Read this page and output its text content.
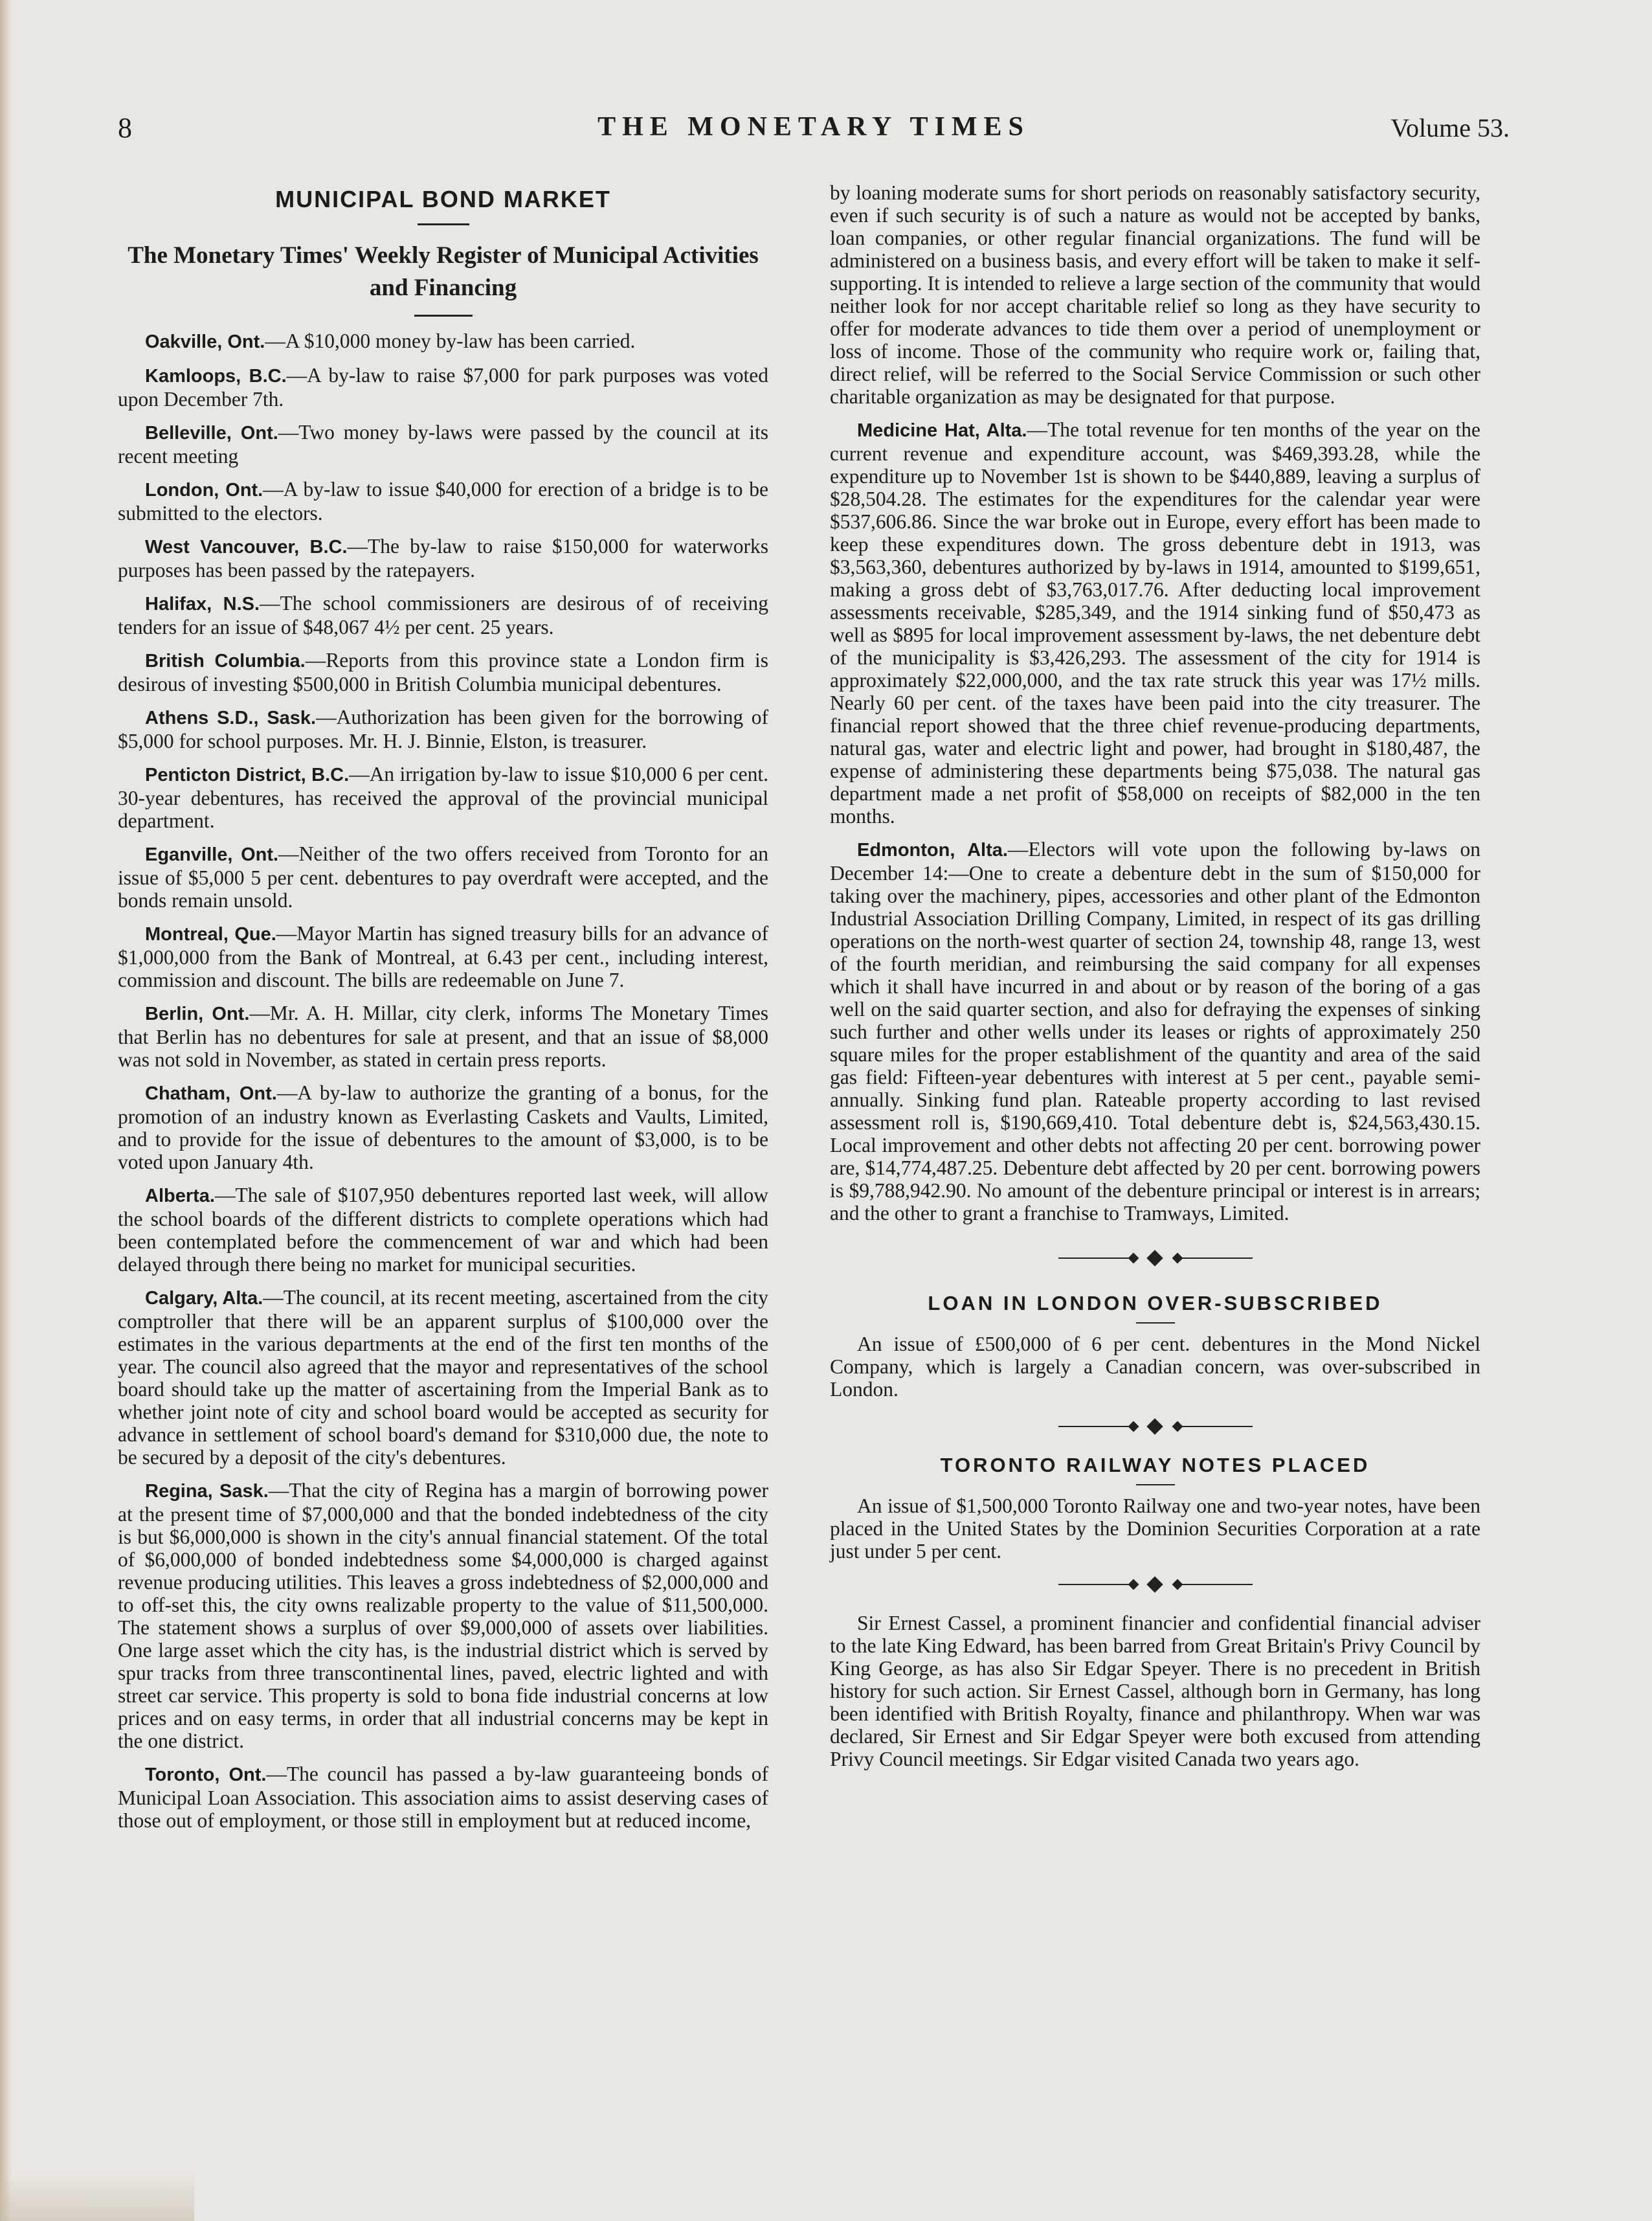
8	THE MONETARY TIMES	Volume 53.
MUNICIPAL BOND MARKET
The Monetary Times' Weekly Register of Municipal Activities and Financing

Oakville, Ont.—A $10,000 money by-law has been carried.

Kamloops, B.C.—A by-law to raise $7,000 for park purposes was voted upon December 7th.

Belleville, Ont.—Two money by-laws were passed by the council at its recent meeting

London, Ont.—A by-law to issue $40,000 for erection of a bridge is to be submitted to the electors.

West Vancouver, B.C.—The by-law to raise $150,000 for waterworks purposes has been passed by the ratepayers.

Halifax, N.S.—The school commissioners are desirous of of receiving tenders for an issue of $48,067 4½ per cent. 25 years.

British Columbia.—Reports from this province state a London firm is desirous of investing $500,000 in British Columbia municipal debentures.

Athens S.D., Sask.—Authorization has been given for the borrowing of $5,000 for school purposes. Mr. H. J. Binnie, Elston, is treasurer.

Penticton District, B.C.—An irrigation by-law to issue $10,000 6 per cent. 30-year debentures, has received the approval of the provincial municipal department.

Eganville, Ont.—Neither of the two offers received from Toronto for an issue of $5,000 5 per cent. debentures to pay overdraft were accepted, and the bonds remain unsold.

Montreal, Que.—Mayor Martin has signed treasury bills for an advance of $1,000,000 from the Bank of Montreal, at 6.43 per cent., including interest, commission and discount. The bills are redeemable on June 7.

Berlin, Ont.—Mr. A. H. Millar, city clerk, informs The Monetary Times that Berlin has no debentures for sale at present, and that an issue of $8,000 was not sold in November, as stated in certain press reports.

Chatham, Ont.—A by-law to authorize the granting of a bonus, for the promotion of an industry known as Everlasting Caskets and Vaults, Limited, and to provide for the issue of debentures to the amount of $3,000, is to be voted upon January 4th.

Alberta.—The sale of $107,950 debentures reported last week, will allow the school boards of the different districts to complete operations which had been contemplated before the commencement of war and which had been delayed through there being no market for municipal securities.

Calgary, Alta.—The council, at its recent meeting, ascertained from the city comptroller that there will be an apparent surplus of $100,000 over the estimates in the various departments at the end of the first ten months of the year. The council also agreed that the mayor and representatives of the school board should take up the matter of ascertaining from the Imperial Bank as to whether joint note of city and school board would be accepted as security for advance in settlement of school board's demand for $310,000 due, the note to be secured by a deposit of the city's debentures.

Regina, Sask.—That the city of Regina has a margin of borrowing power at the present time of $7,000,000 and that the bonded indebtedness of the city is but $6,000,000 is shown in the city's annual financial statement. Of the total of $6,000,000 of bonded indebtedness some $4,000,000 is charged against revenue producing utilities. This leaves a gross indebtedness of $2,000,000 and to off-set this, the city owns realizable property to the value of $11,500,000. The statement shows a surplus of over $9,000,000 of assets over liabilities. One large asset which the city has, is the industrial district which is served by spur tracks from three transcontinental lines, paved, electric lighted and with street car service. This property is sold to bona fide industrial concerns at low prices and on easy terms, in order that all industrial concerns may be kept in the one district.

Toronto, Ont.—The council has passed a by-law guaranteeing bonds of Municipal Loan Association. This association aims to assist deserving cases of those out of employment, or those still in employment but at reduced income,

by loaning moderate sums for short periods on reasonably satisfactory security, even if such security is of such a nature as would not be accepted by banks, loan companies, or other regular financial organizations. The fund will be administered on a business basis, and every effort will be taken to make it self-supporting. It is intended to relieve a large section of the community that would neither look for nor accept charitable relief so long as they have security to offer for moderate advances to tide them over a period of unemployment or loss of income. Those of the community who require work or, failing that, direct relief, will be referred to the Social Service Commission or such other charitable organization as may be designated for that purpose.

Medicine Hat, Alta.—The total revenue for ten months of the year on the current revenue and expenditure account, was $469,393.28, while the expenditure up to November 1st is shown to be $440,889, leaving a surplus of $28,504.28. The estimates for the expenditures for the calendar year were $537,606.86. Since the war broke out in Europe, every effort has been made to keep these expenditures down. The gross debenture debt in 1913, was $3,563,360, debentures authorized by by-laws in 1914, amounted to $199,651, making a gross debt of $3,763,017.76. After deducting local improvement assessments receivable, $285,349, and the 1914 sinking fund of $50,473 as well as $895 for local improvement assessment by-laws, the net debenture debt of the municipality is $3,426,293. The assessment of the city for 1914 is approximately $22,000,000, and the tax rate struck this year was 17½ mills. Nearly 60 per cent. of the taxes have been paid into the city treasurer. The financial report showed that the three chief revenue-producing departments, natural gas, water and electric light and power, had brought in $180,487, the expense of administering these departments being $75,038. The natural gas department made a net profit of $58,000 on receipts of $82,000 in the ten months.

Edmonton, Alta.—Electors will vote upon the following by-laws on December 14:—One to create a debenture debt in the sum of $150,000 for taking over the machinery, pipes, accessories and other plant of the Edmonton Industrial Association Drilling Company, Limited, in respect of its gas drilling operations on the north-west quarter of section 24, township 48, range 13, west of the fourth meridian, and reimbursing the said company for all expenses which it shall have incurred in and about or by reason of the boring of a gas well on the said quarter section, and also for defraying the expenses of sinking such further and other wells under its leases or rights of approximately 250 square miles for the proper establishment of the quantity and area of the said gas field: Fifteen-year debentures with interest at 5 per cent., payable semi-annually. Sinking fund plan. Rateable property according to last revised assessment roll is, $190,669,410. Total debenture debt is, $24,563,430.15. Local improvement and other debts not affecting 20 per cent. borrowing power are, $14,774,487.25. Debenture debt affected by 20 per cent. borrowing powers is $9,788,942.90. No amount of the debenture principal or interest is in arrears; and the other to grant a franchise to Tramways, Limited.

LOAN IN LONDON OVER-SUBSCRIBED

An issue of £500,000 of 6 per cent. debentures in the Mond Nickel Company, which is largely a Canadian concern, was over-subscribed in London.

TORONTO RAILWAY NOTES PLACED

An issue of $1,500,000 Toronto Railway one and two-year notes, have been placed in the United States by the Dominion Securities Corporation at a rate just under 5 per cent.

Sir Ernest Cassel, a prominent financier and confidential financial adviser to the late King Edward, has been barred from Great Britain's Privy Council by King George, as has also Sir Edgar Speyer. There is no precedent in British history for such action. Sir Ernest Cassel, although born in Germany, has long been identified with British Royalty, finance and philanthropy. When war was declared, Sir Ernest and Sir Edgar Speyer were both excused from attending Privy Council meetings. Sir Edgar visited Canada two years ago.
